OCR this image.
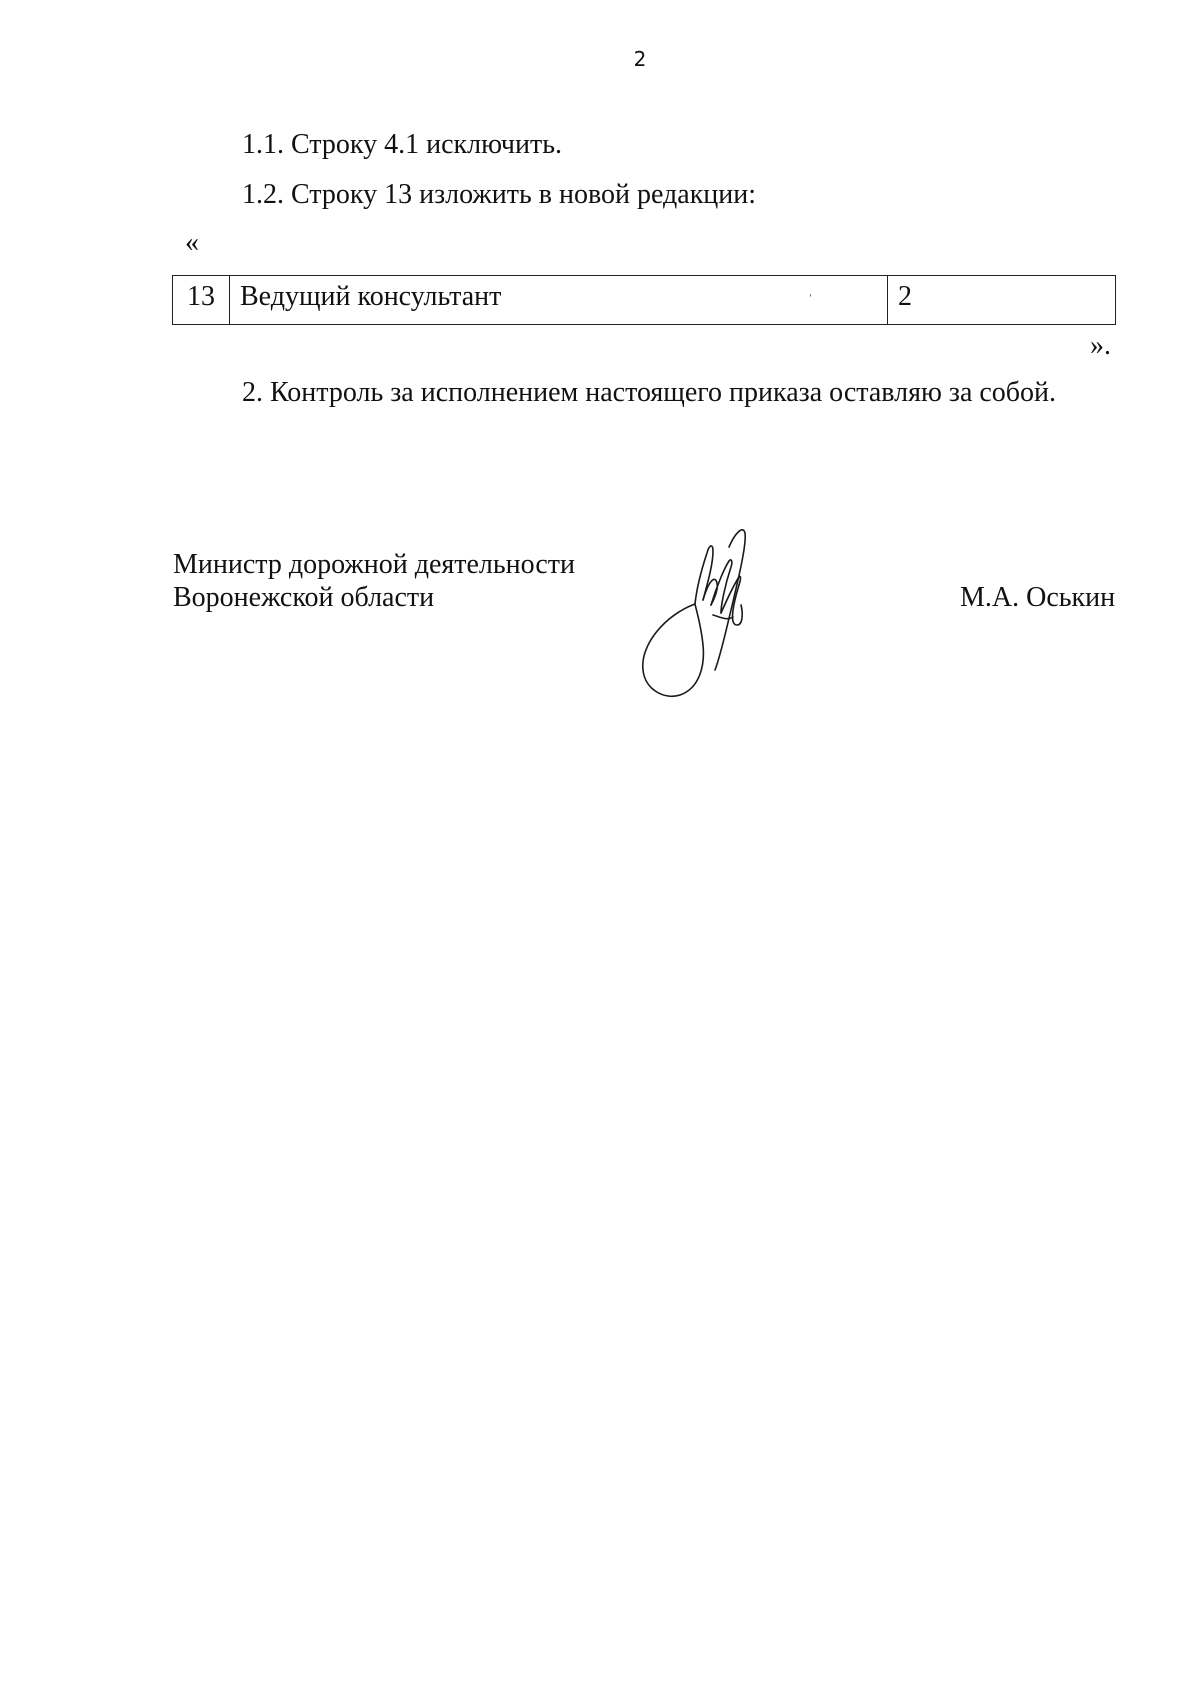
2
1.1. Строку 4.1 исключить.
1.2. Строку 13 изложить в новой редакции:
«
13 Ведущий консультант	ˈ	2
».
2. Контроль за исполнением настоящего приказа оставляю за собой.
Министр дорожной деятельности
Воронежской области	М.А. Оськин
